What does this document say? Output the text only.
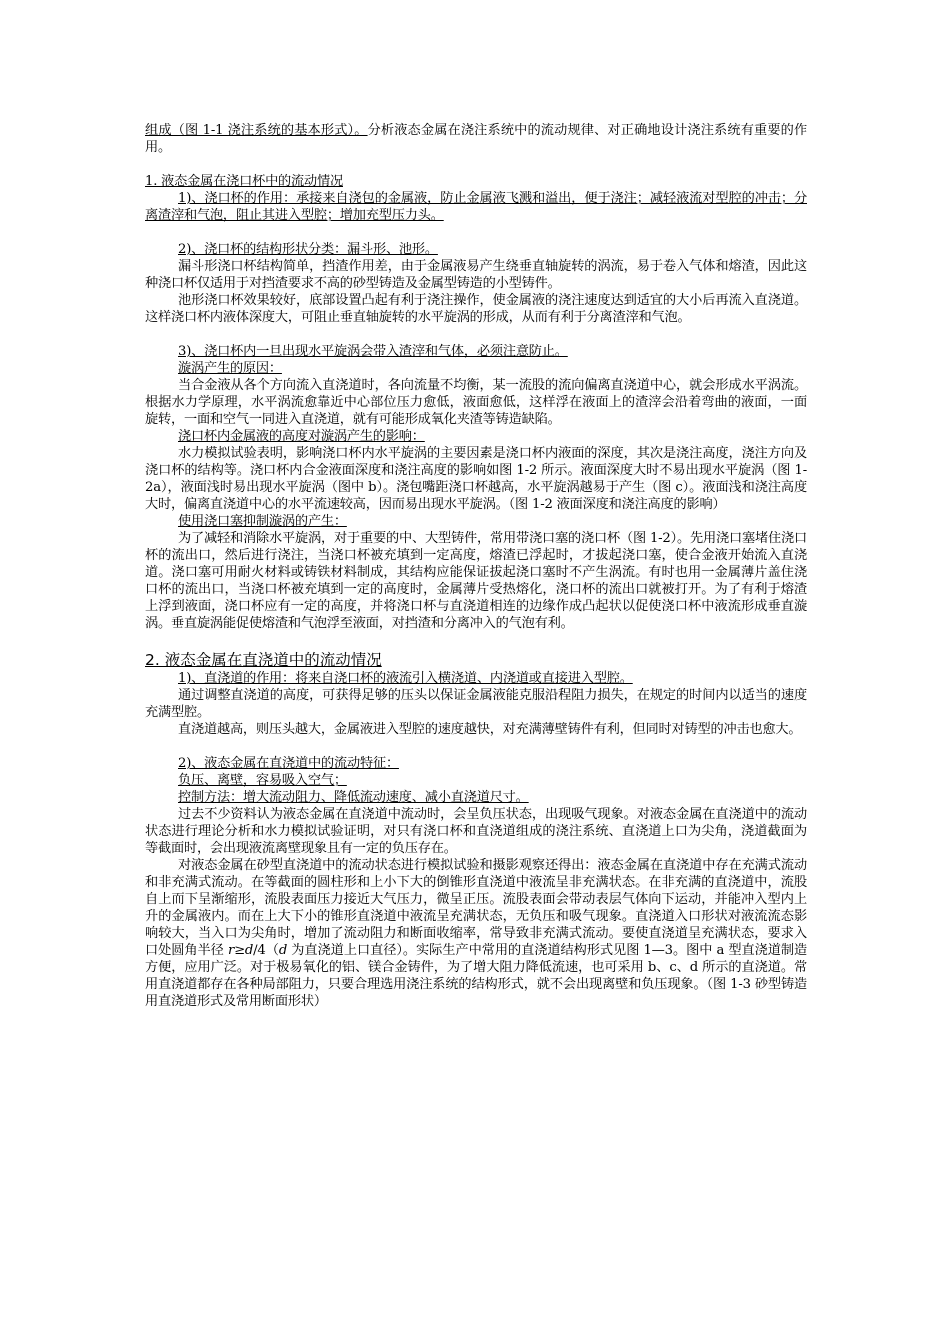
组成（图 1-1 浇注系统的基本形式）。分析液态金属在浇注系统中的流动规律、对正确地设计浇注系统有重要的作用。

1. 液态金属在浇口杯中的流动情况

1)、浇口杯的作用：承接来自浇包的金属液，防止金属液飞溅和溢出，便于浇注；减轻液流对型腔的冲击；分离渣滓和气泡，阻止其进入型腔；增加充型压力头。

2)、浇口杯的结构形状分类：漏斗形、池形。

漏斗形浇口杯结构简单，挡渣作用差，由于金属液易产生绕垂直轴旋转的涡流，易于卷入气体和熔渣，因此这种浇口杯仅适用于对挡渣要求不高的砂型铸造及金属型铸造的小型铸件。

池形浇口杯效果较好，底部设置凸起有利于浇注操作，使金属液的浇注速度达到适宜的大小后再流入直浇道。这样浇口杯内液体深度大，可阻止垂直轴旋转的水平旋涡的形成，从而有利于分离渣滓和气泡。

3)、浇口杯内一旦出现水平旋涡会带入渣滓和气体，必须注意防止。

漩涡产生的原因：

当合金液从各个方向流入直浇道时，各向流量不均衡，某一流股的流向偏离直浇道中心，就会形成水平涡流。根据水力学原理，水平涡流愈靠近中心部位压力愈低，液面愈低，这样浮在液面上的渣滓会沿着弯曲的液面，一面旋转，一面和空气一同进入直浇道，就有可能形成氧化夹渣等铸造缺陷。

浇口杯内金属液的高度对漩涡产生的影响：

水力模拟试验表明，影响浇口杯内水平旋涡的主要因素是浇口杯内液面的深度，其次是浇注高度，浇注方向及浇口杯的结构等。浇口杯内合金液面深度和浇注高度的影响如图 1-2 所示。液面深度大时不易出现水平旋涡（图 1-2a），液面浅时易出现水平旋涡（图中 b）。浇包嘴距浇口杯越高，水平旋涡越易于产生（图 c）。液面浅和浇注高度大时，偏离直浇道中心的水平流速较高，因而易出现水平旋涡。（图 1-2 液面深度和浇注高度的影响）

使用浇口塞抑制漩涡的产生：

为了减轻和消除水平旋涡，对于重要的中、大型铸件，常用带浇口塞的浇口杯（图 1-2）。先用浇口塞堵住浇口杯的流出口，然后进行浇注，当浇口杯被充填到一定高度，熔渣已浮起时，才拔起浇口塞，使合金液开始流入直浇道。浇口塞可用耐火材料或铸铁材料制成，其结构应能保证拔起浇口塞时不产生涡流。有时也用一金属薄片盖住浇口杯的流出口，当浇口杯被充填到一定的高度时，金属薄片受热熔化，浇口杯的流出口就被打开。为了有利于熔渣上浮到液面，浇口杯应有一定的高度，并将浇口杯与直浇道相连的边缘作成凸起状以促使浇口杯中液流形成垂直漩涡。垂直旋涡能促使熔渣和气泡浮至液面，对挡渣和分离冲入的气泡有利。

2. 液态金属在直浇道中的流动情况

1)、直浇道的作用：将来自浇口杯的液流引入横浇道、内浇道或直接进入型腔。

通过调整直浇道的高度，可获得足够的压头以保证金属液能克服沿程阻力损失，在规定的时间内以适当的速度充满型腔。

直浇道越高，则压头越大，金属液进入型腔的速度越快，对充满薄壁铸件有利，但同时对铸型的冲击也愈大。

2)、液态金属在直浇道中的流动特征：

负压、离壁，容易吸入空气；

控制方法：增大流动阻力、降低流动速度、减小直浇道尺寸。

过去不少资料认为液态金属在直浇道中流动时，会呈负压状态，出现吸气现象。对液态金属在直浇道中的流动状态进行理论分析和水力模拟试验证明，对只有浇口杯和直浇道组成的浇注系统、直浇道上口为尖角，浇道截面为等截面时，会出现液流离壁现象且有一定的负压存在。

对液态金属在砂型直浇道中的流动状态进行模拟试验和摄影观察还得出：液态金属在直浇道中存在充满式流动和非充满式流动。在等截面的圆柱形和上小下大的倒锥形直浇道中液流呈非充满状态。在非充满的直浇道中，流股自上而下呈渐缩形，流股表面压力接近大气压力，微呈正压。流股表面会带动表层气体向下运动，并能冲入型内上升的金属液内。而在上大下小的锥形直浇道中液流呈充满状态，无负压和吸气现象。直浇道入口形状对液流流态影响较大，当入口为尖角时，增加了流动阻力和断面收缩率，常导致非充满式流动。要使直浇道呈充满状态，要求入口处圆角半径 r≥d/4（d 为直浇道上口直径）。实际生产中常用的直浇道结构形式见图 1—3。图中 a 型直浇道制造方便，应用广泛。对于极易氧化的铝、镁合金铸件，为了增大阻力降低流速，也可采用 b、c、d 所示的直浇道。常用直浇道都存在各种局部阻力，只要合理选用浇注系统的结构形式，就不会出现离壁和负压现象。（图 1-3 砂型铸造用直浇道形式及常用断面形状）
